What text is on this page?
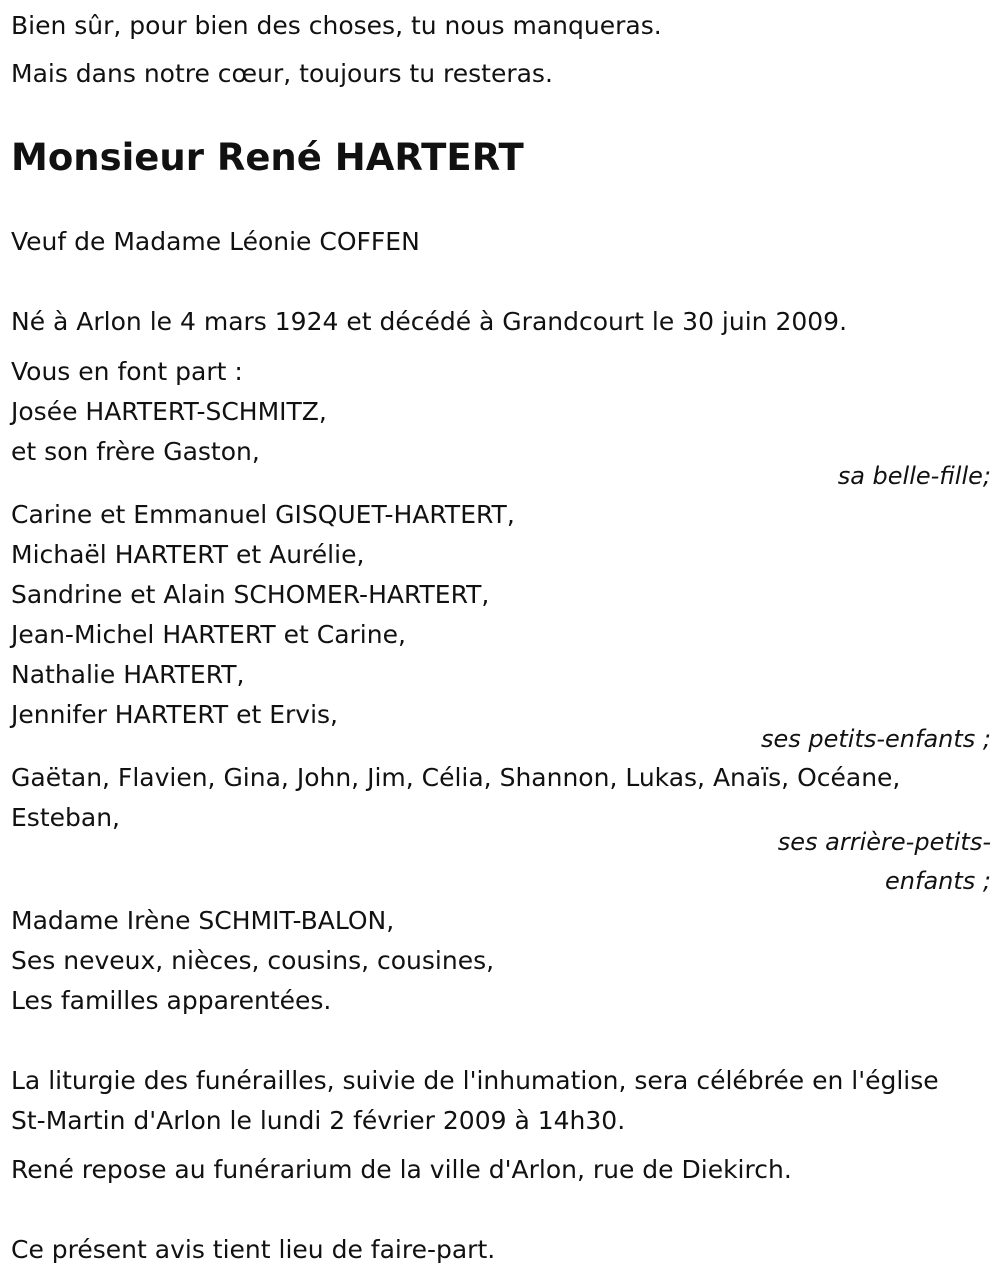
Bien sûr, pour bien des choses, tu nous manqueras.

Mais dans notre cœur, toujours tu resteras.

Monsieur René HARTERT

Veuf de Madame Léonie COFFEN

Né à Arlon le 4 mars 1924 et décédé à Grandcourt le 30 juin 2009.

Vous en font part :

Josée HARTERT-SCHMITZ,

et son frère Gaston,

sa belle-fille;

Carine et Emmanuel GISQUET-HARTERT,

Michaël HARTERT et Aurélie,

Sandrine et Alain SCHOMER-HARTERT,

Jean-Michel HARTERT et Carine,

Nathalie HARTERT,

Jennifer HARTERT et Ervis,

ses petits-enfants ;

Gaëtan, Flavien, Gina, John, Jim, Célia, Shannon, Lukas, Anaïs, Océane,

Esteban,

ses arrière-petits-
enfants ;

Madame Irène SCHMIT-BALON,

Ses neveux, nièces, cousins, cousines,

Les familles apparentées.

La liturgie des funérailles, suivie de l'inhumation, sera célébrée en l'église

St-Martin d'Arlon le lundi 2 février 2009 à 14h30.

René repose au funérarium de la ville d'Arlon, rue de Diekirch.

Ce présent avis tient lieu de faire-part.
